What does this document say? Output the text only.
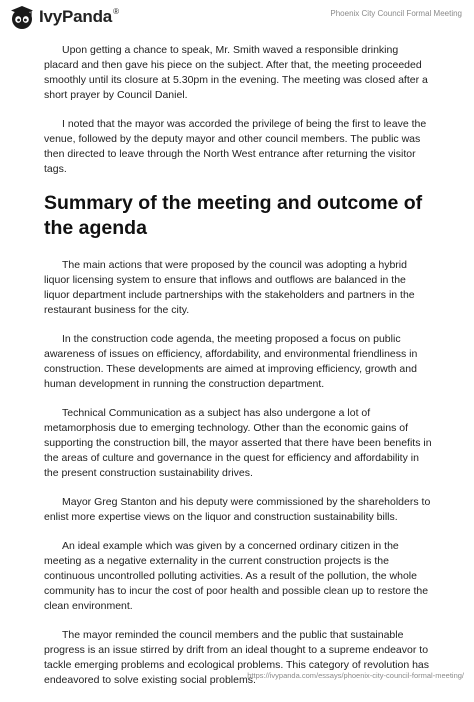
IvyPanda®	Phoenix City Council Formal Meeting

Upon getting a chance to speak, Mr. Smith waved a responsible drinking placard and then gave his piece on the subject. After that, the meeting proceeded smoothly until its closure at 5.30pm in the evening. The meeting was closed after a short prayer by Council Daniel.

I noted that the mayor was accorded the privilege of being the first to leave the venue, followed by the deputy mayor and other council members. The public was then directed to leave through the North West entrance after returning the visitor tags.

Summary of the meeting and outcome of the agenda

The main actions that were proposed by the council was adopting a hybrid liquor licensing system to ensure that inflows and outflows are balanced in the liquor department include partnerships with the stakeholders and partners in the restaurant business for the city.

In the construction code agenda, the meeting proposed a focus on public awareness of issues on efficiency, affordability, and environmental friendliness in construction. These developments are aimed at improving efficiency, growth and human development in running the construction department.

Technical Communication as a subject has also undergone a lot of metamorphosis due to emerging technology. Other than the economic gains of supporting the construction bill, the mayor asserted that there have been benefits in the areas of culture and governance in the quest for efficiency and affordability in the present construction sustainability drives.

Mayor Greg Stanton and his deputy were commissioned by the shareholders to enlist more expertise views on the liquor and construction sustainability bills.

An ideal example which was given by a concerned ordinary citizen in the meeting as a negative externality in the current construction projects is the continuous uncontrolled polluting activities. As a result of the pollution, the whole community has to incur the cost of poor health and possible clean up to restore the clean environment.

The mayor reminded the council members and the public that sustainable progress is an issue stirred by drift from an ideal thought to a supreme endeavor to tackle emerging problems and ecological problems. This category of revolution has endeavored to solve existing social problems.

https://ivypanda.com/essays/phoenix-city-council-formal-meeting/
